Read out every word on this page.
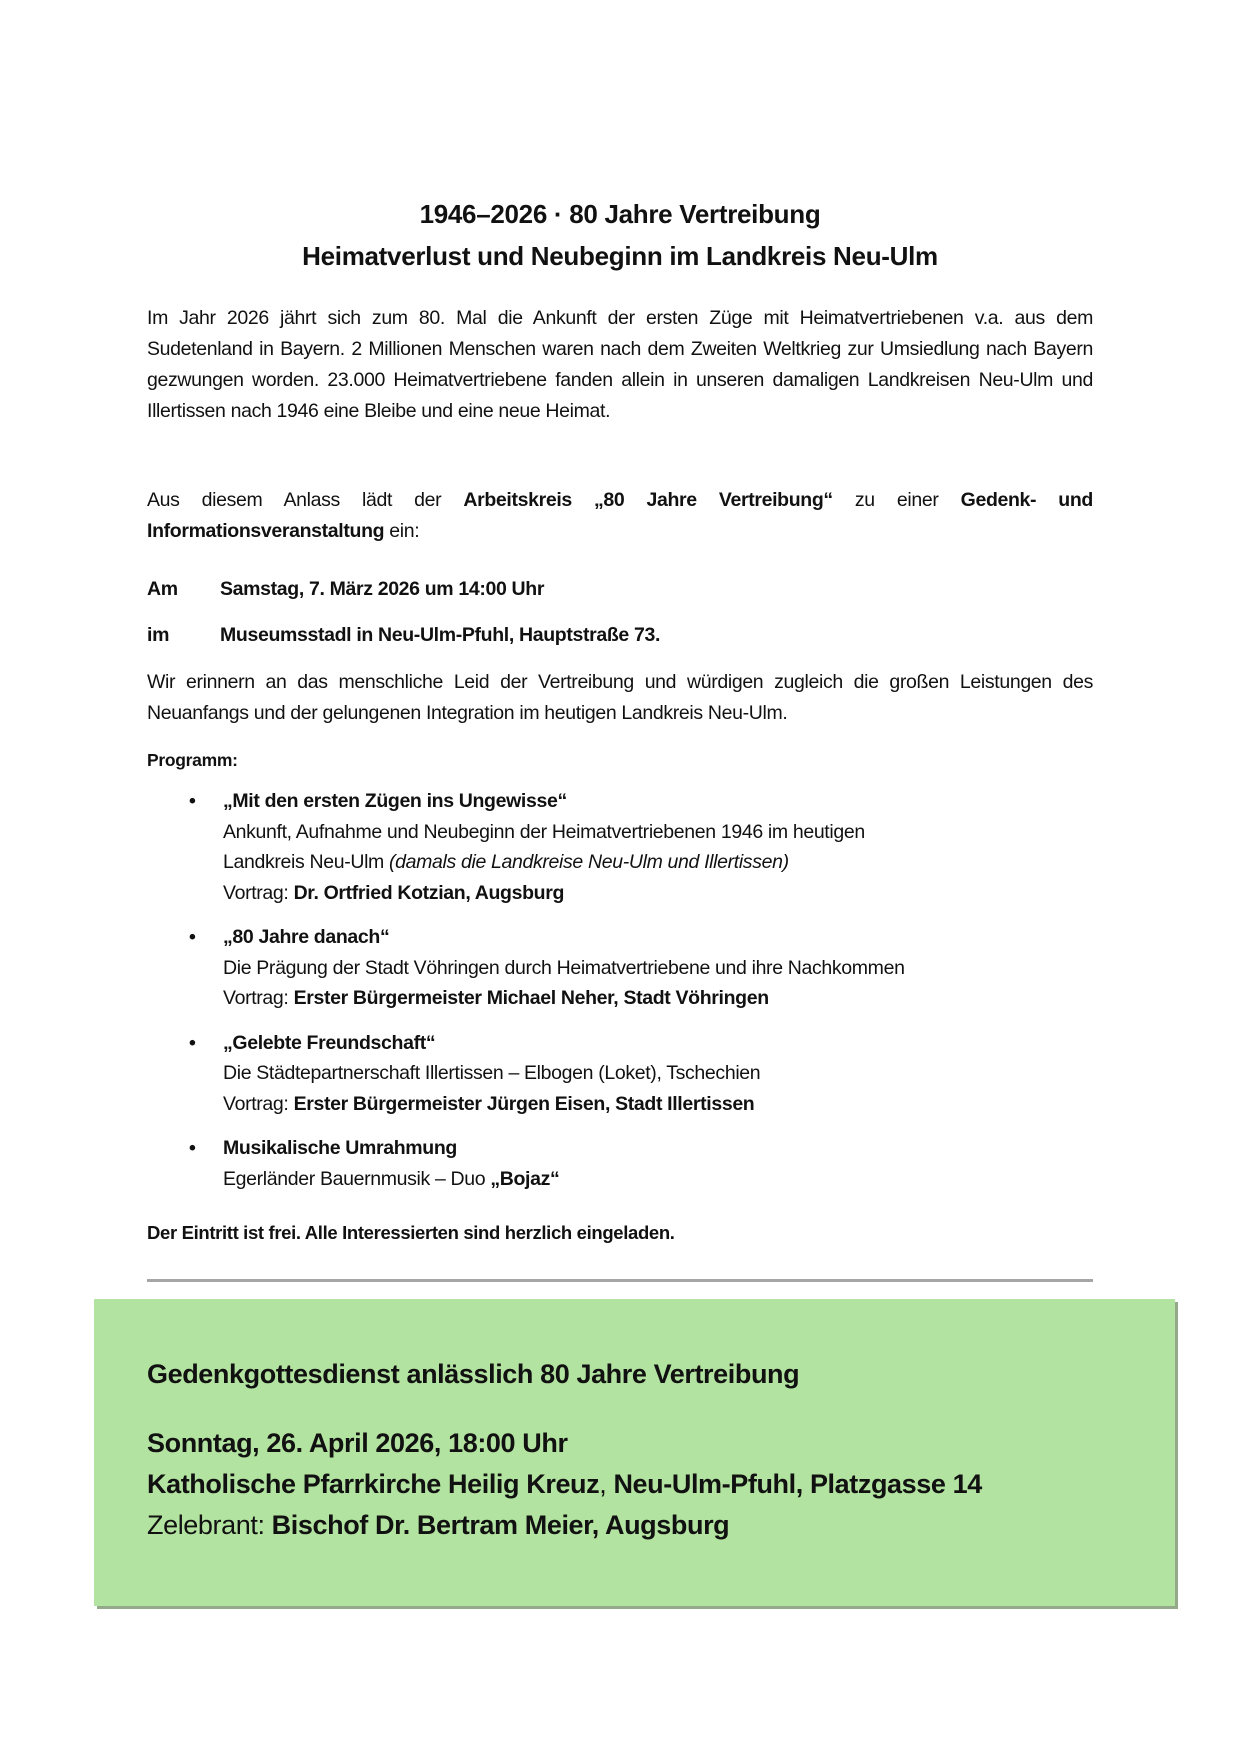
1946–2026 · 80 Jahre Vertreibung
Heimatverlust und Neubeginn im Landkreis Neu-Ulm

Im Jahr 2026 jährt sich zum 80. Mal die Ankunft der ersten Züge mit Heimatvertriebenen v.a. aus dem Sudetenland in Bayern. 2 Millionen Menschen waren nach dem Zweiten Weltkrieg zur Umsiedlung nach Bayern gezwungen worden. 23.000 Heimatvertriebene fanden allein in unseren damaligen Landkreisen Neu-Ulm und Illertissen nach 1946 eine Bleibe und eine neue Heimat.

Aus diesem Anlass lädt der Arbeitskreis „80 Jahre Vertreibung“ zu einer Gedenk- und Informationsveranstaltung ein:

Am Samstag, 7. März 2026 um 14:00 Uhr
im	Museumsstadl in Neu-Ulm-Pfuhl, Hauptstraße 73.

Wir erinnern an das menschliche Leid der Vertreibung und würdigen zugleich die großen Leistungen des Neuanfangs und der gelungenen Integration im heutigen Landkreis Neu-Ulm.

Programm:
• „Mit den ersten Zügen ins Ungewisse“
Ankunft, Aufnahme und Neubeginn der Heimatvertriebenen 1946 im heutigen
Landkreis Neu-Ulm (damals die Landkreise Neu-Ulm und Illertissen)
Vortrag: Dr. Ortfried Kotzian, Augsburg
• „80 Jahre danach“
Die Prägung der Stadt Vöhringen durch Heimatvertriebene und ihre Nachkommen
Vortrag: Erster Bürgermeister Michael Neher, Stadt Vöhringen
• „Gelebte Freundschaft“
Die Städtepartnerschaft Illertissen – Elbogen (Loket), Tschechien
Vortrag: Erster Bürgermeister Jürgen Eisen, Stadt Illertissen
• Musikalische Umrahmung
Egerländer Bauernmusik – Duo „Bojaz“
Der Eintritt ist frei. Alle Interessierten sind herzlich eingeladen.
Gedenkgottesdienst anlässlich 80 Jahre Vertreibung
Sonntag, 26. April 2026, 18:00 Uhr
Katholische Pfarrkirche Heilig Kreuz, Neu-Ulm-Pfuhl, Platzgasse 14
Zelebrant: Bischof Dr. Bertram Meier, Augsburg
